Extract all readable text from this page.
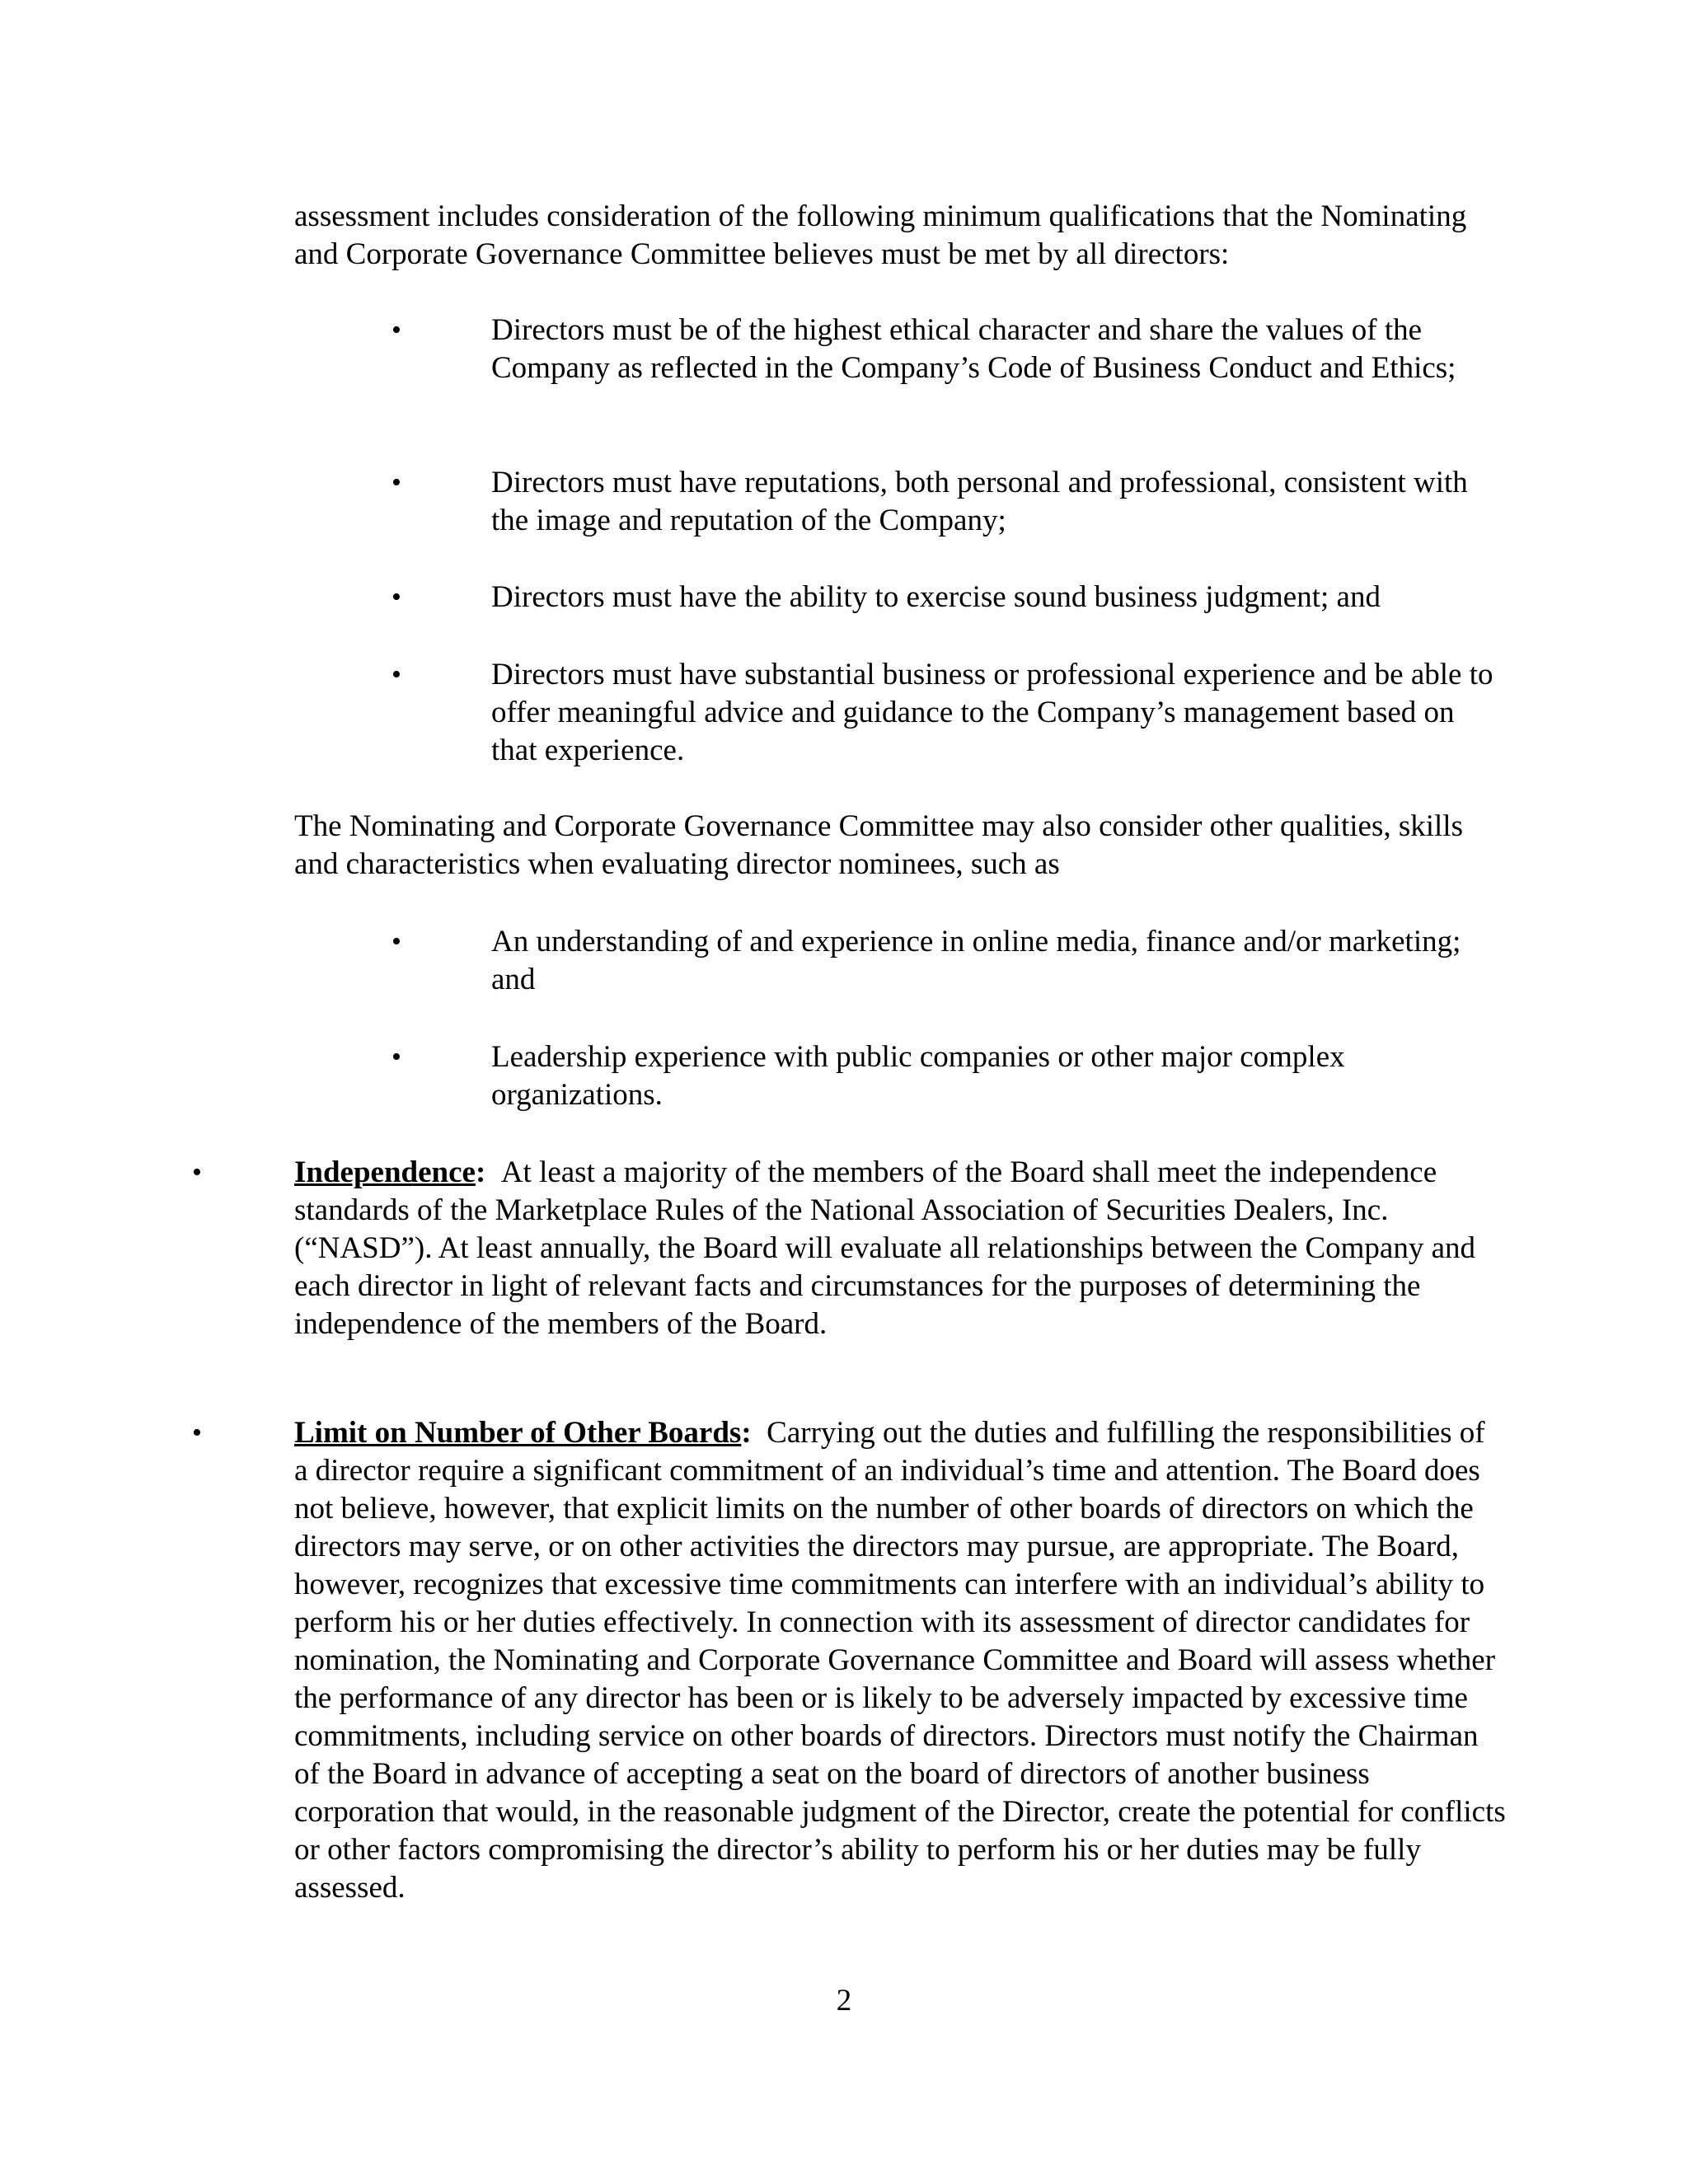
assessment includes consideration of the following minimum qualifications that the Nominating and Corporate Governance Committee believes must be met by all directors:

•	Directors must be of the highest ethical character and share the values of the Company as reflected in the Company’s Code of Business Conduct and Ethics;

•	Directors must have reputations, both personal and professional, consistent with the image and reputation of the Company;

•	Directors must have the ability to exercise sound business judgment; and

•	Directors must have substantial business or professional experience and be able to offer meaningful advice and guidance to the Company’s management based on that experience.

The Nominating and Corporate Governance Committee may also consider other qualities, skills and characteristics when evaluating director nominees, such as

•	An understanding of and experience in online media, finance and/or marketing; and

•	Leadership experience with public companies or other major complex organizations.

•	Independence: At least a majority of the members of the Board shall meet the independence standards of the Marketplace Rules of the National Association of Securities Dealers, Inc. (“NASD”). At least annually, the Board will evaluate all relationships between the Company and each director in light of relevant facts and circumstances for the purposes of determining the independence of the members of the Board.

•	Limit on Number of Other Boards: Carrying out the duties and fulfilling the responsibilities of a director require a significant commitment of an individual’s time and attention. The Board does not believe, however, that explicit limits on the number of other boards of directors on which the directors may serve, or on other activities the directors may pursue, are appropriate. The Board, however, recognizes that excessive time commitments can interfere with an individual’s ability to perform his or her duties effectively. In connection with its assessment of director candidates for nomination, the Nominating and Corporate Governance Committee and Board will assess whether the performance of any director has been or is likely to be adversely impacted by excessive time commitments, including service on other boards of directors. Directors must notify the Chairman of the Board in advance of accepting a seat on the board of directors of another business corporation that would, in the reasonable judgment of the Director, create the potential for conflicts or other factors compromising the director’s ability to perform his or her duties may be fully assessed.

2
